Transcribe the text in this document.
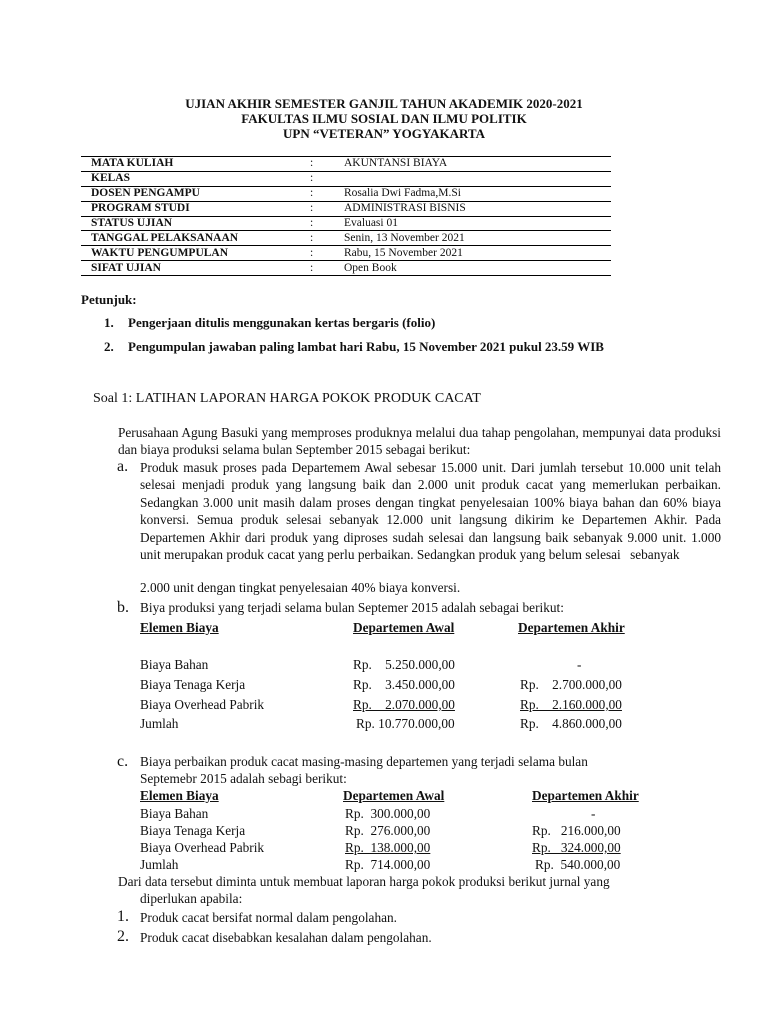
UJIAN AKHIR SEMESTER GANJIL TAHUN AKADEMIK 2020-2021
FAKULTAS ILMU SOSIAL DAN ILMU POLITIK
UPN “VETERAN” YOGYAKARTA
MATA KULIAH	:	AKUNTANSI BIAYA
KELAS	:	
DOSEN PENGAMPU	:	Rosalia Dwi Fadma,M.Si
PROGRAM STUDI	:	ADMINISTRASI BISNIS
STATUS UJIAN	:	Evaluasi 01
TANGGAL PELAKSANAAN	:	Senin, 13 November 2021
WAKTU PENGUMPULAN	:	Rabu, 15 November 2021
SIFAT UJIAN	:	Open Book
Petunjuk:
1. Pengerjaan ditulis menggunakan kertas bergaris (folio)
2. Pengumpulan jawaban paling lambat hari Rabu, 15 November 2021 pukul 23.59 WIB
Soal 1: LATIHAN LAPORAN HARGA POKOK PRODUK CACAT
Perusahaan Agung Basuki yang memproses produknya melalui dua tahap pengolahan, mempunyai data produksi dan biaya produksi selama bulan September 2015 sebagai berikut:
a. Produk masuk proses pada Departemem Awal sebesar 15.000 unit. Dari jumlah tersebut 10.000 unit telah selesai menjadi produk yang langsung baik dan 2.000 unit produk cacat yang memerlukan perbaikan. Sedangkan 3.000 unit masih dalam proses dengan tingkat penyelesaian 100% biaya bahan dan 60% biaya konversi. Semua produk selesai sebanyak 12.000 unit langsung dikirim ke Departemen Akhir. Pada Departemen Akhir dari produk yang diproses sudah selesai dan langsung baik sebanyak 9.000 unit. 1.000 unit merupakan produk cacat yang perlu perbaikan. Sedangkan produk yang belum selesai sebanyak
2.000 unit dengan tingkat penyelesaian 40% biaya konversi.
b. Biya produksi yang terjadi selama bulan Septemer 2015 adalah sebagai berikut:
Elemen Biaya	Departemen Awal	Departemen Akhir
Biaya Bahan	Rp.    5.250.000,00	-
Biaya Tenaga Kerja	Rp.    3.450.000,00	Rp.    2.700.000,00
Biaya Overhead Pabrik	Rp.    2.070.000,00	Rp.    2.160.000,00
Jumlah	Rp. 10.770.000,00	Rp.    4.860.000,00
c. Biaya perbaikan produk cacat masing-masing departemen yang terjadi selama bulan
Septemebr 2015 adalah sebagi berikut:
Elemen Biaya	Departemen Awal	Departemen Akhir
Biaya Bahan	Rp.  300.000,00	-
Biaya Tenaga Kerja	Rp.  276.000,00	Rp.   216.000,00
Biaya Overhead Pabrik	Rp.  138.000,00	Rp.   324.000,00
Jumlah	Rp.  714.000,00	Rp.  540.000,00
Dari data tersebut diminta untuk membuat laporan harga pokok produksi berikut jurnal yang
diperlukan apabila:
1. Produk cacat bersifat normal dalam pengolahan.
2. Produk cacat disebabkan kesalahan dalam pengolahan.
